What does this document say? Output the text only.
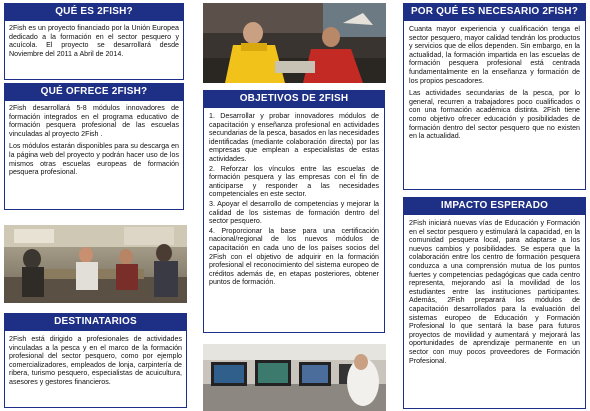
QUÉ ES 2FISH?

2Fish es un proyecto financiado por la Unión Europea dedicado a la formación en el sector pesquero y acuícola. El proyecto se desarrollará desde Noviembre del 2011 a Abril de 2014.

QUÉ OFRECE 2FISH?

2Fish desarrollará 5-8 módulos innovadores de formación integrados en el programa educativo de formación pesquera profesional de las escuelas vinculadas al proyecto 2Fish .

Los módulos estarán disponibles para su descarga en la página web del proyecto y podrán hacer uso de los mismos otras escuelas europeas de formación pesquera profesional.

DESTINATARIOS

2Fish está dirigido a profesionales de actividades vinculadas a la pesca y en el marco de la formación profesional del sector pesquero, como por ejemplo comercializadores, empleados de lonja, carpintería de ribera, turismo pesquero, especialistas de acuicultura, asesores y gestores financieros.

OBJETIVOS DE 2FISH
1. Desarrollar y probar innovadores módulos de capacitación y enseñanza profesional en actividades secundarias de la pesca, basados en las necesidades identificadas (mediante colaboración directa) por las empresas que emplean a especialistas de estas actividades.
2. Reforzar los vínculos entre las escuelas de formación pesquera y las empresas con el fin de anticiparse y responder a las necesidades competenciales en este sector.
3. Apoyar el desarrollo de competencias y mejorar la calidad de los sistemas de formación dentro del sector pesquero.
4. Proporcionar la base para una certificación nacional/regional de los nuevos módulos de capacitación en cada uno de los países socios del 2Fish con el objetivo de adquirir en la formación profesional el reconocimiento del sistema europeo de créditos además de, en etapas posteriores, obtener puntos de formación.
POR QUÉ ES NECESARIO 2FISH?

Cuanta mayor experiencia y cualificación tenga el sector pesquero, mayor calidad tendrán los productos y servicios que de ellos dependen. Sin embargo, en la actualidad, la formación impartida en las escuelas de formación pesquera profesional está centrada fundamentalmente en la enseñanza y formación de los propios pescadores.

Las actividades secundarias de la pesca, por lo general, recurren a trabajadores poco cualificados o con una formación académica distinta. 2Fish tiene como objetivo ofrecer educación y posibilidades de formación dentro del sector pesquero que no existen en la actualidad.

IMPACTO ESPERADO

2Fish iniciará nuevas vías de Educación y Formación en el sector pesquero y estimulará la capacidad, en la comunidad pesquera local, para adaptarse a los nuevos cambios y posibilidades. Se espera que la colaboración entre los centro de formación pesquera conduzca a una comprensión mutua de los puntos fuertes y competencias pedagógicas que cada centro representa, mejorando así la movilidad de los estudiantes entre las instituciones participantes. Además, 2Fish preparará los módulos de capacitación desarrollados para la evaluación del sistemas europeo de Educación y Formación Profesional lo que sentará la base para futuros proyectos de movilidad y aumentará y mejorará las oportunidades de aprendizaje permanente en un sector con muy pocos proveedores de Formación Profesional.
